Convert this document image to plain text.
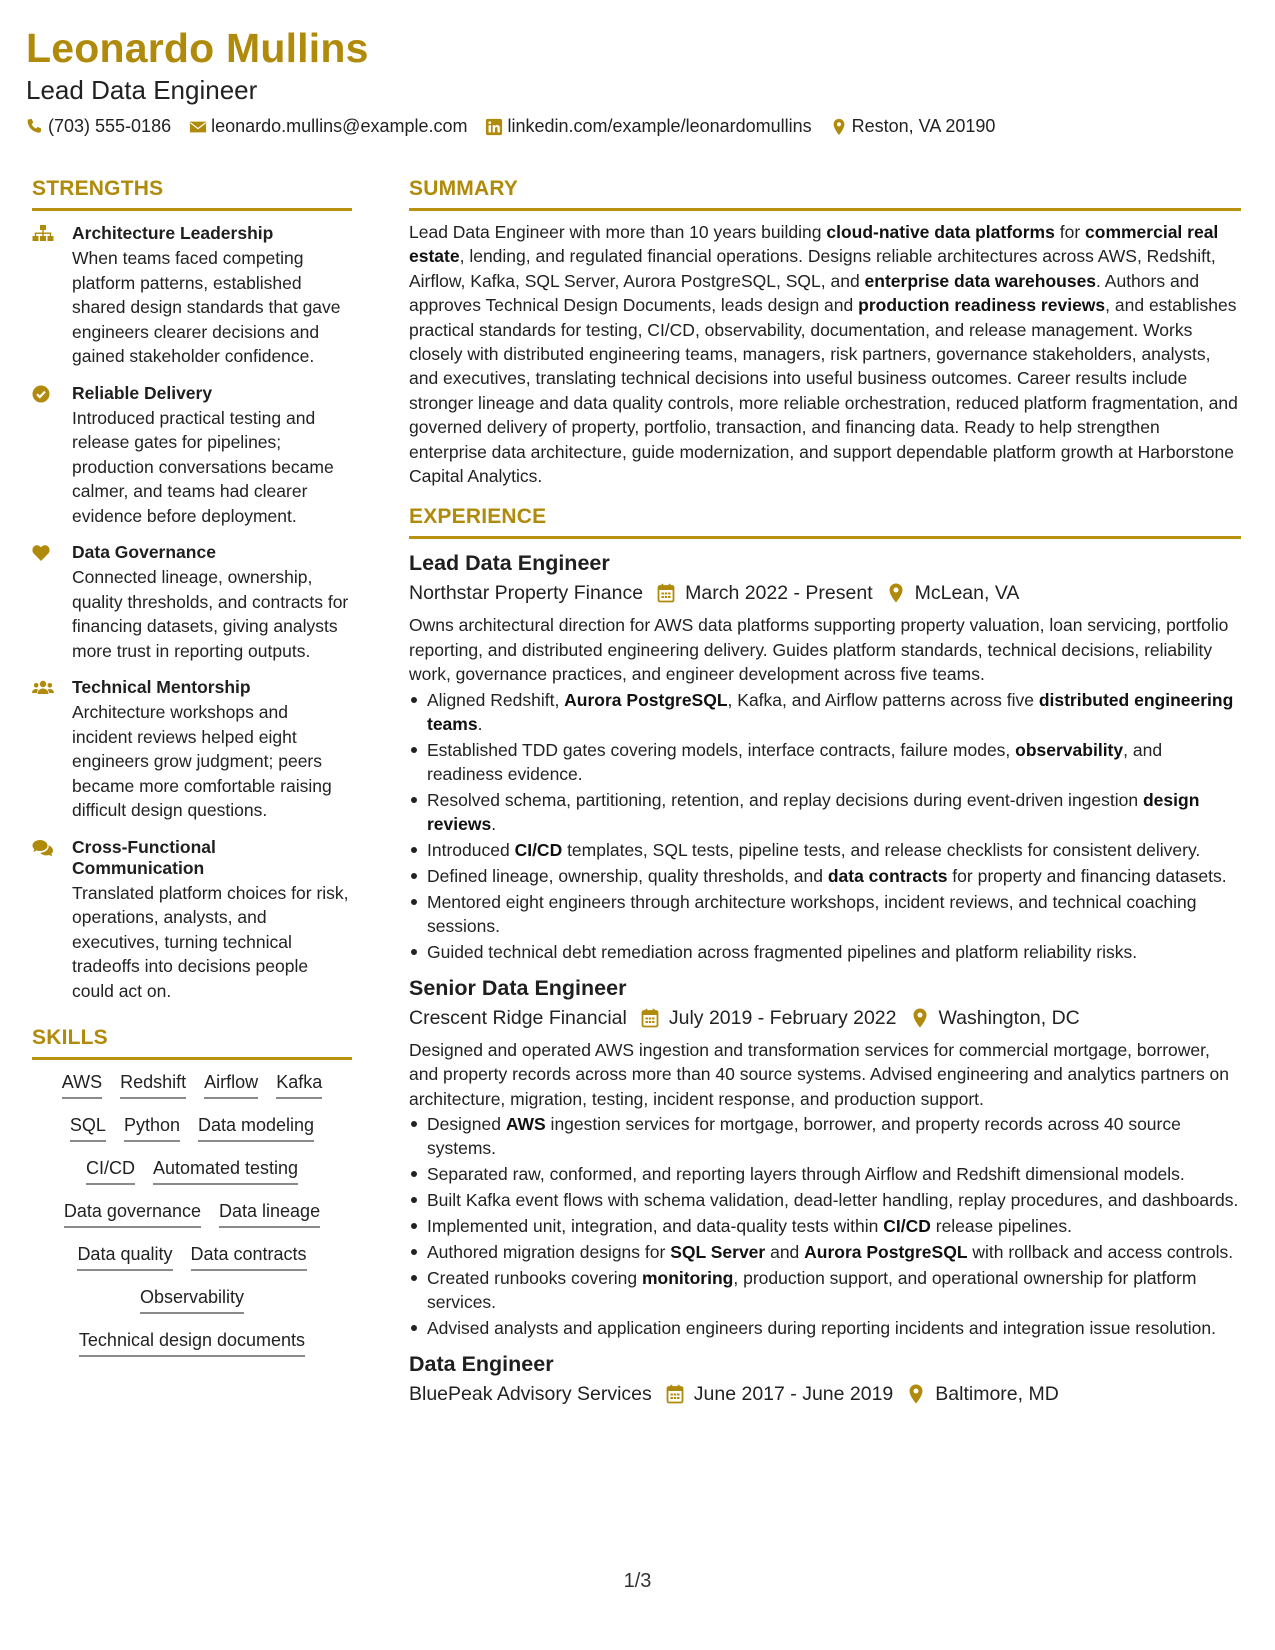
Leonardo Mullins
Lead Data Engineer
(703) 555-0186 leonardo.mullins@example.com linkedin.com/example/leonardomullins Reston, VA 20190
STRENGTHS
Architecture Leadership
When teams faced competing platform patterns, established shared design standards that gave engineers clearer decisions and gained stakeholder confidence.
Reliable Delivery
Introduced practical testing and release gates for pipelines; production conversations became calmer, and teams had clearer evidence before deployment.
Data Governance
Connected lineage, ownership, quality thresholds, and contracts for financing datasets, giving analysts more trust in reporting outputs.
Technical Mentorship
Architecture workshops and incident reviews helped eight engineers grow judgment; peers became more comfortable raising difficult design questions.
Cross-Functional Communication
Translated platform choices for risk, operations, analysts, and executives, turning technical tradeoffs into decisions people could act on.
SKILLS
AWS Redshift Airflow Kafka
SQL Python Data modeling
CI/CD Automated testing
Data governance Data lineage
Data quality Data contracts
Observability
Technical design documents
SUMMARY
Lead Data Engineer with more than 10 years building cloud-native data platforms for commercial real estate, lending, and regulated financial operations. Designs reliable architectures across AWS, Redshift, Airflow, Kafka, SQL Server, Aurora PostgreSQL, SQL, and enterprise data warehouses. Authors and approves Technical Design Documents, leads design and production readiness reviews, and establishes practical standards for testing, CI/CD, observability, documentation, and release management. Works closely with distributed engineering teams, managers, risk partners, governance stakeholders, analysts, and executives, translating technical decisions into useful business outcomes. Career results include stronger lineage and data quality controls, more reliable orchestration, reduced platform fragmentation, and governed delivery of property, portfolio, transaction, and financing data. Ready to help strengthen enterprise data architecture, guide modernization, and support dependable platform growth at Harborstone Capital Analytics.
EXPERIENCE
Lead Data Engineer
Northstar Property Finance	March 2022 - Present	McLean, VA
Owns architectural direction for AWS data platforms supporting property valuation, loan servicing, portfolio reporting, and distributed engineering delivery. Guides platform standards, technical decisions, reliability work, governance practices, and engineer development across five teams.
Aligned Redshift, Aurora PostgreSQL, Kafka, and Airflow patterns across five distributed engineering teams.
Established TDD gates covering models, interface contracts, failure modes, observability, and readiness evidence.
Resolved schema, partitioning, retention, and replay decisions during event-driven ingestion design reviews.
Introduced CI/CD templates, SQL tests, pipeline tests, and release checklists for consistent delivery.
Defined lineage, ownership, quality thresholds, and data contracts for property and financing datasets.
Mentored eight engineers through architecture workshops, incident reviews, and technical coaching sessions.
Guided technical debt remediation across fragmented pipelines and platform reliability risks.
Senior Data Engineer
Crescent Ridge Financial	July 2019 - February 2022	Washington, DC
Designed and operated AWS ingestion and transformation services for commercial mortgage, borrower, and property records across more than 40 source systems. Advised engineering and analytics partners on architecture, migration, testing, incident response, and production support.
Designed AWS ingestion services for mortgage, borrower, and property records across 40 source systems.
Separated raw, conformed, and reporting layers through Airflow and Redshift dimensional models.
Built Kafka event flows with schema validation, dead-letter handling, replay procedures, and dashboards.
Implemented unit, integration, and data-quality tests within CI/CD release pipelines.
Authored migration designs for SQL Server and Aurora PostgreSQL with rollback and access controls.
Created runbooks covering monitoring, production support, and operational ownership for platform services.
Advised analysts and application engineers during reporting incidents and integration issue resolution.
Data Engineer
BluePeak Advisory Services	June 2017 - June 2019	Baltimore, MD
1/3
